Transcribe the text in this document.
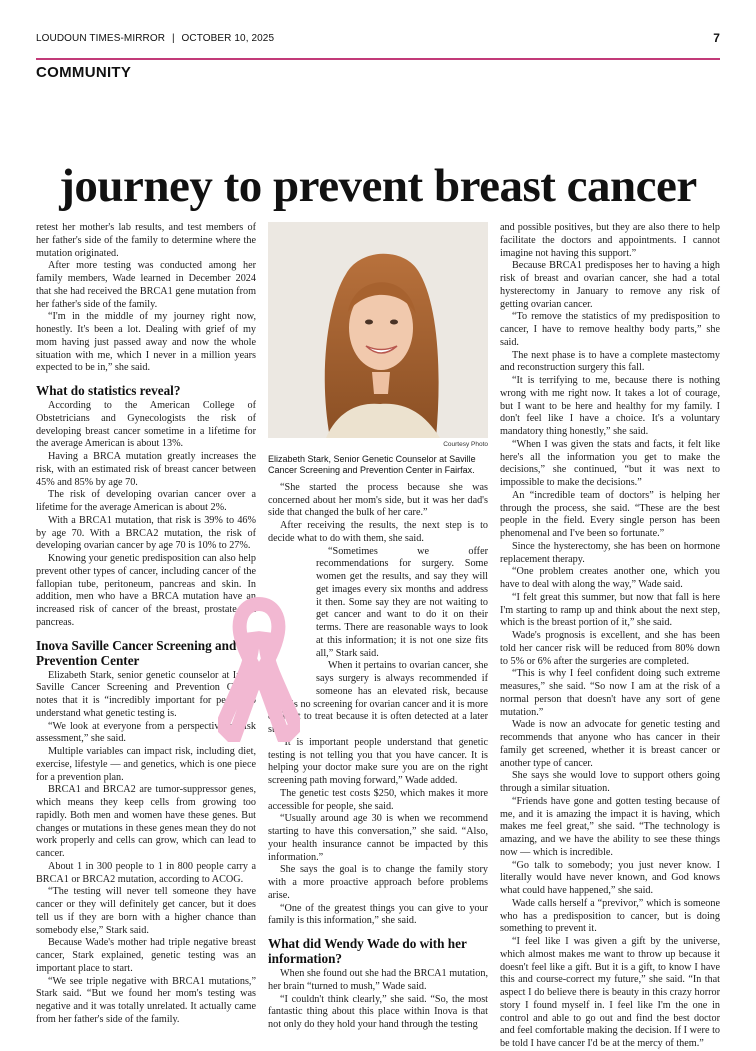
LOUDOUN TIMES-MIRROR | OCTOBER 10, 2025	7
COMMUNITY
journey to prevent breast cancer

retest her mother's lab results, and test members of her father's side of the family to determine where the mutation originated.

After more testing was conducted among her family members, Wade learned in December 2024 that she had received the BRCA1 gene mutation from her father's side of the family.

“I'm in the middle of my journey right now, honestly. It's been a lot. Dealing with grief of my mom having just passed away and now the whole situation with me, which I never in a million years expected to be in,” she said.

What do statistics reveal?

According to the American College of Obstetricians and Gynecologists the risk of developing breast cancer sometime in a lifetime for the average American is about 13%.

Having a BRCA mutation greatly increases the risk, with an estimated risk of breast cancer between 45% and 85% by age 70.

The risk of developing ovarian cancer over a lifetime for the average American is about 2%.

With a BRCA1 mutation, that risk is 39% to 46% by age 70. With a BRCA2 mutation, the risk of developing ovarian cancer by age 70 is 10% to 27%.

Knowing your genetic predisposition can also help prevent other types of cancer, including cancer of the fallopian tube, peritoneum, pancreas and skin. In addition, men who have a BRCA mutation have an increased risk of cancer of the breast, prostate and pancreas.

Inova Saville Cancer Screening and Prevention Center

Elizabeth Stark, senior genetic counselor at Inova Saville Cancer Screening and Prevention Center, notes that it is “incredibly important for people to understand what genetic testing is.

“We look at everyone from a perspective of risk assessment,” she said.

Multiple variables can impact risk, including diet, exercise, lifestyle — and genetics, which is one piece for a prevention plan.

BRCA1 and BRCA2 are tumor-suppressor genes, which means they keep cells from growing too rapidly. Both men and women have these genes. But changes or mutations in these genes mean they do not work properly and cells can grow, which can lead to cancer.

About 1 in 300 people to 1 in 800 people carry a BRCA1 or BRCA2 mutation, according to ACOG.

“The testing will never tell someone they have cancer or they will definitely get cancer, but it does tell us if they are born with a higher chance than somebody else,” Stark said.

Because Wade's mother had triple negative breast cancer, Stark explained, genetic testing was an important place to start.

“We see triple negative with BRCA1 mutations,” Stark said. “But we found her mom's testing was negative and it was totally unrelated. It actually came from her father's side of the family.

Courtesy Photo
Elizabeth Stark, Senior Genetic Counselor at Saville Cancer Screening and Prevention Center in Fairfax.

“She started the process because she was concerned about her mom's side, but it was her dad's side that changed the bulk of her care.”

After receiving the results, the next step is to decide what to do with them, she said.

“Sometimes we offer recommendations for surgery. Some women get the results, and say they will get images every six months and address it then. Some say they are not waiting to get cancer and want to do it on their terms. There are reasonable ways to look at this information; it is not one size fits all,” Stark said.

When it pertains to ovarian cancer, she says surgery is always recommended if someone has an elevated risk, because there is no screening for ovarian cancer and it is more difficult to treat because it is often detected at a later stage.

“It is important people understand that genetic testing is not telling you that you have cancer. It is helping your doctor make sure you are on the right screening path moving forward,” Wade added.

The genetic test costs $250, which makes it more accessible for people, she said.

“Usually around age 30 is when we recommend starting to have this conversation,” she said. “Also, your health insurance cannot be impacted by this information.”

She says the goal is to change the family story with a more proactive approach before problems arise.

“One of the greatest things you can give to your family is this information,” she said.

What did Wendy Wade do with her information?

When she found out she had the BRCA1 mutation, her brain “turned to mush,” Wade said.

“I couldn't think clearly,” she said. “So, the most fantastic thing about this place within Inova is that not only do they hold your hand through the testing

and possible positives, but they are also there to help facilitate the doctors and appointments. I cannot imagine not having this support.”

Because BRCA1 predisposes her to having a high risk of breast and ovarian cancer, she had a total hysterectomy in January to remove any risk of getting ovarian cancer.

“To remove the statistics of my predisposition to cancer, I have to remove healthy body parts,” she said.

The next phase is to have a complete mastectomy and reconstruction surgery this fall.

“It is terrifying to me, because there is nothing wrong with me right now. It takes a lot of courage, but I want to be here and healthy for my family. I don't feel like I have a choice. It's a voluntary mandatory thing honestly,” she said.

“When I was given the stats and facts, it felt like here's all the information you get to make the decisions,” she continued, “but it was next to impossible to make the decisions.”

An “incredible team of doctors” is helping her through the process, she said. “These are the best people in the field. Every single person has been phenomenal and I've been so fortunate.”

Since the hysterectomy, she has been on hormone replacement therapy.

“One problem creates another one, which you have to deal with along the way,” Wade said.

“I felt great this summer, but now that fall is here I'm starting to ramp up and think about the next step, which is the breast portion of it,” she said.

Wade's prognosis is excellent, and she has been told her cancer risk will be reduced from 80% down to 5% or 6% after the surgeries are completed.

“This is why I feel confident doing such extreme measures,” she said. “So now I am at the risk of a normal person that doesn't have any sort of gene mutation.”

Wade is now an advocate for genetic testing and recommends that anyone who has cancer in their family get screened, whether it is breast cancer or another type of cancer.

She says she would love to support others going through a similar situation.

“Friends have gone and gotten testing because of me, and it is amazing the impact it is having, which makes me feel great,” she said. “The technology is amazing, and we have the ability to see these things now — which is incredible.

“Go talk to somebody; you just never know. I literally would have never known, and God knows what could have happened,” she said.

Wade calls herself a “previvor,” which is someone who has a predisposition to cancer, but is doing something to prevent it.

“I feel like I was given a gift by the universe, which almost makes me want to throw up because it doesn't feel like a gift. But it is a gift, to know I have this and course-correct my future,” she said. “In that aspect I do believe there is beauty in this crazy horror story I found myself in. I feel like I'm the one in control and able to go out and find the best doctor and feel comfortable making the decision. If I were to be told I have cancer I'd be at the mercy of them.”
